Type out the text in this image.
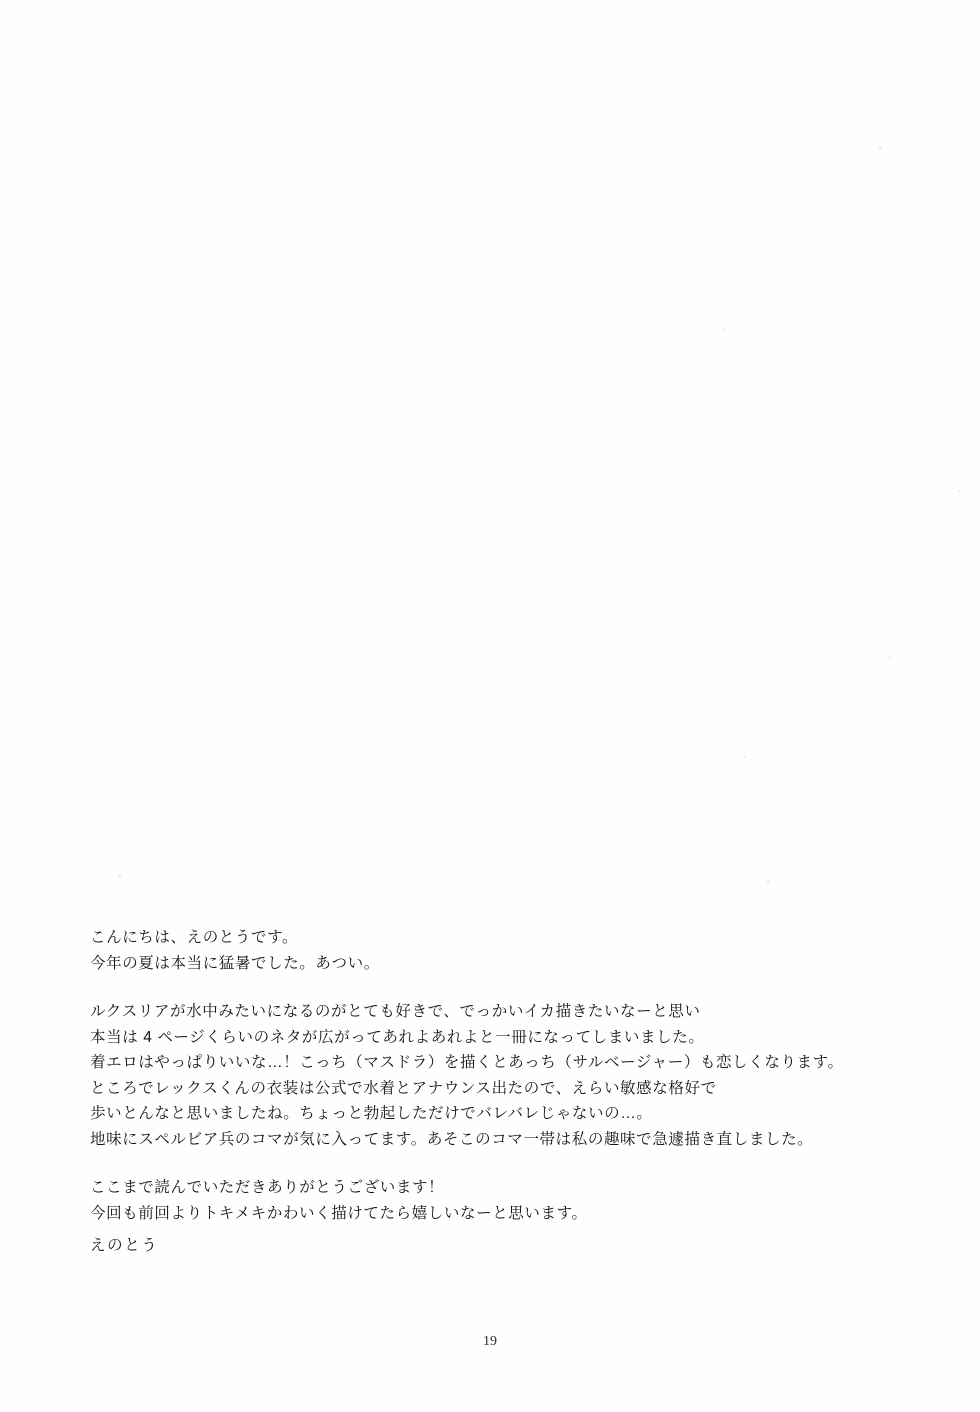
こんにちは、えのとうです。
今年の夏は本当に猛暑でした。あつい。

ルクスリアが水中みたいになるのがとても好きで、でっかいイカ描きたいなーと思い
本当は 4 ページくらいのネタが広がってあれよあれよと一冊になってしまいました。
着エロはやっぱりいいな…！こっち（マスドラ）を描くとあっち（サルベージャー）も恋しくなります。
ところでレックスくんの衣装は公式で水着とアナウンス出たので、えらい敏感な格好で
歩いとんなと思いましたね。ちょっと勃起しただけでバレバレじゃないの…。
地味にスペルビア兵のコマが気に入ってます。あそこのコマ一帯は私の趣味で急遽描き直しました。

ここまで読んでいただきありがとうございます！
今回も前回よりトキメキかわいく描けてたら嬉しいなーと思います。

えのとう
19
